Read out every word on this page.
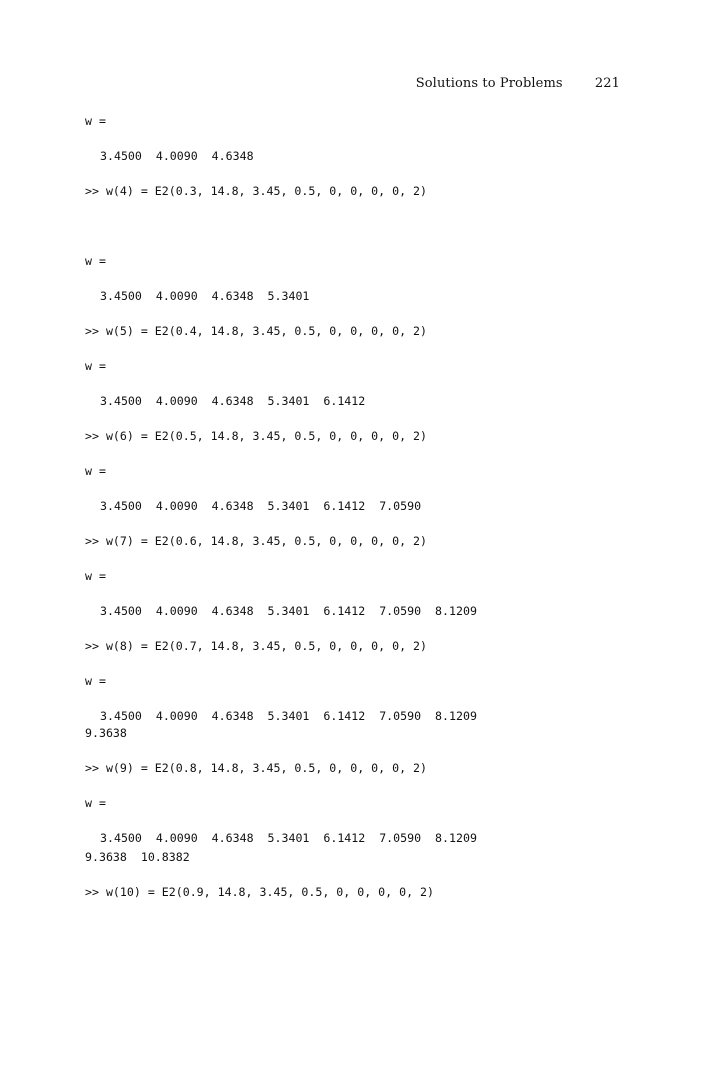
Solutions to Problems 221

w =

3.4500  4.0090  4.6348

>> w(4) = E2(0.3, 14.8, 3.45, 0.5, 0, 0, 0, 0, 2)

w =

3.4500  4.0090  4.6348  5.3401

>> w(5) = E2(0.4, 14.8, 3.45, 0.5, 0, 0, 0, 0, 2)

w =

3.4500  4.0090  4.6348  5.3401  6.1412

>> w(6) = E2(0.5, 14.8, 3.45, 0.5, 0, 0, 0, 0, 2)

w =

3.4500  4.0090  4.6348  5.3401  6.1412  7.0590

>> w(7) = E2(0.6, 14.8, 3.45, 0.5, 0, 0, 0, 0, 2)

w =

3.4500  4.0090  4.6348  5.3401  6.1412  7.0590  8.1209

>> w(8) = E2(0.7, 14.8, 3.45, 0.5, 0, 0, 0, 0, 2)

w =

3.4500  4.0090  4.6348  5.3401  6.1412  7.0590  8.1209

9.3638

>> w(9) = E2(0.8, 14.8, 3.45, 0.5, 0, 0, 0, 0, 2)

w =

3.4500  4.0090  4.6348  5.3401  6.1412  7.0590  8.1209

9.3638  10.8382

>> w(10) = E2(0.9, 14.8, 3.45, 0.5, 0, 0, 0, 0, 2)
